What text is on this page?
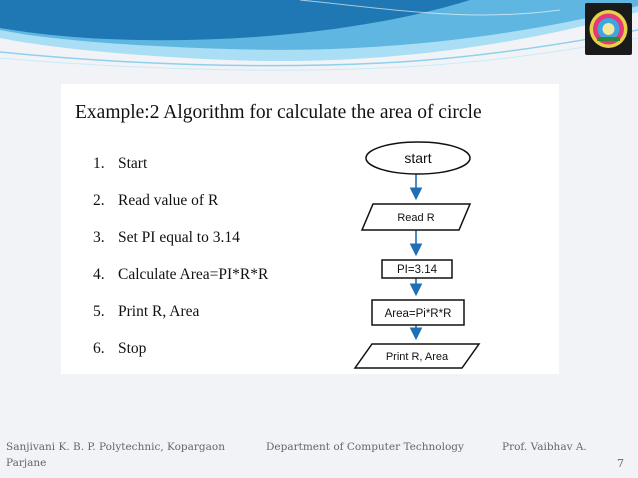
Example:2 Algorithm for calculate the area of circle
1. Start
2. Read value of R
3. Set PI equal to 3.14
4. Calculate Area=PI*R*R
5. Print R, Area
6. Stop
start
Read R
PI=3.14
Area=Pi*R*R
Print R, Area
Sanjivani K. B. P. Polytechnic, Kopargaon	Department of Computer Technology	Prof. Vaibhav A.
Parjane	7
